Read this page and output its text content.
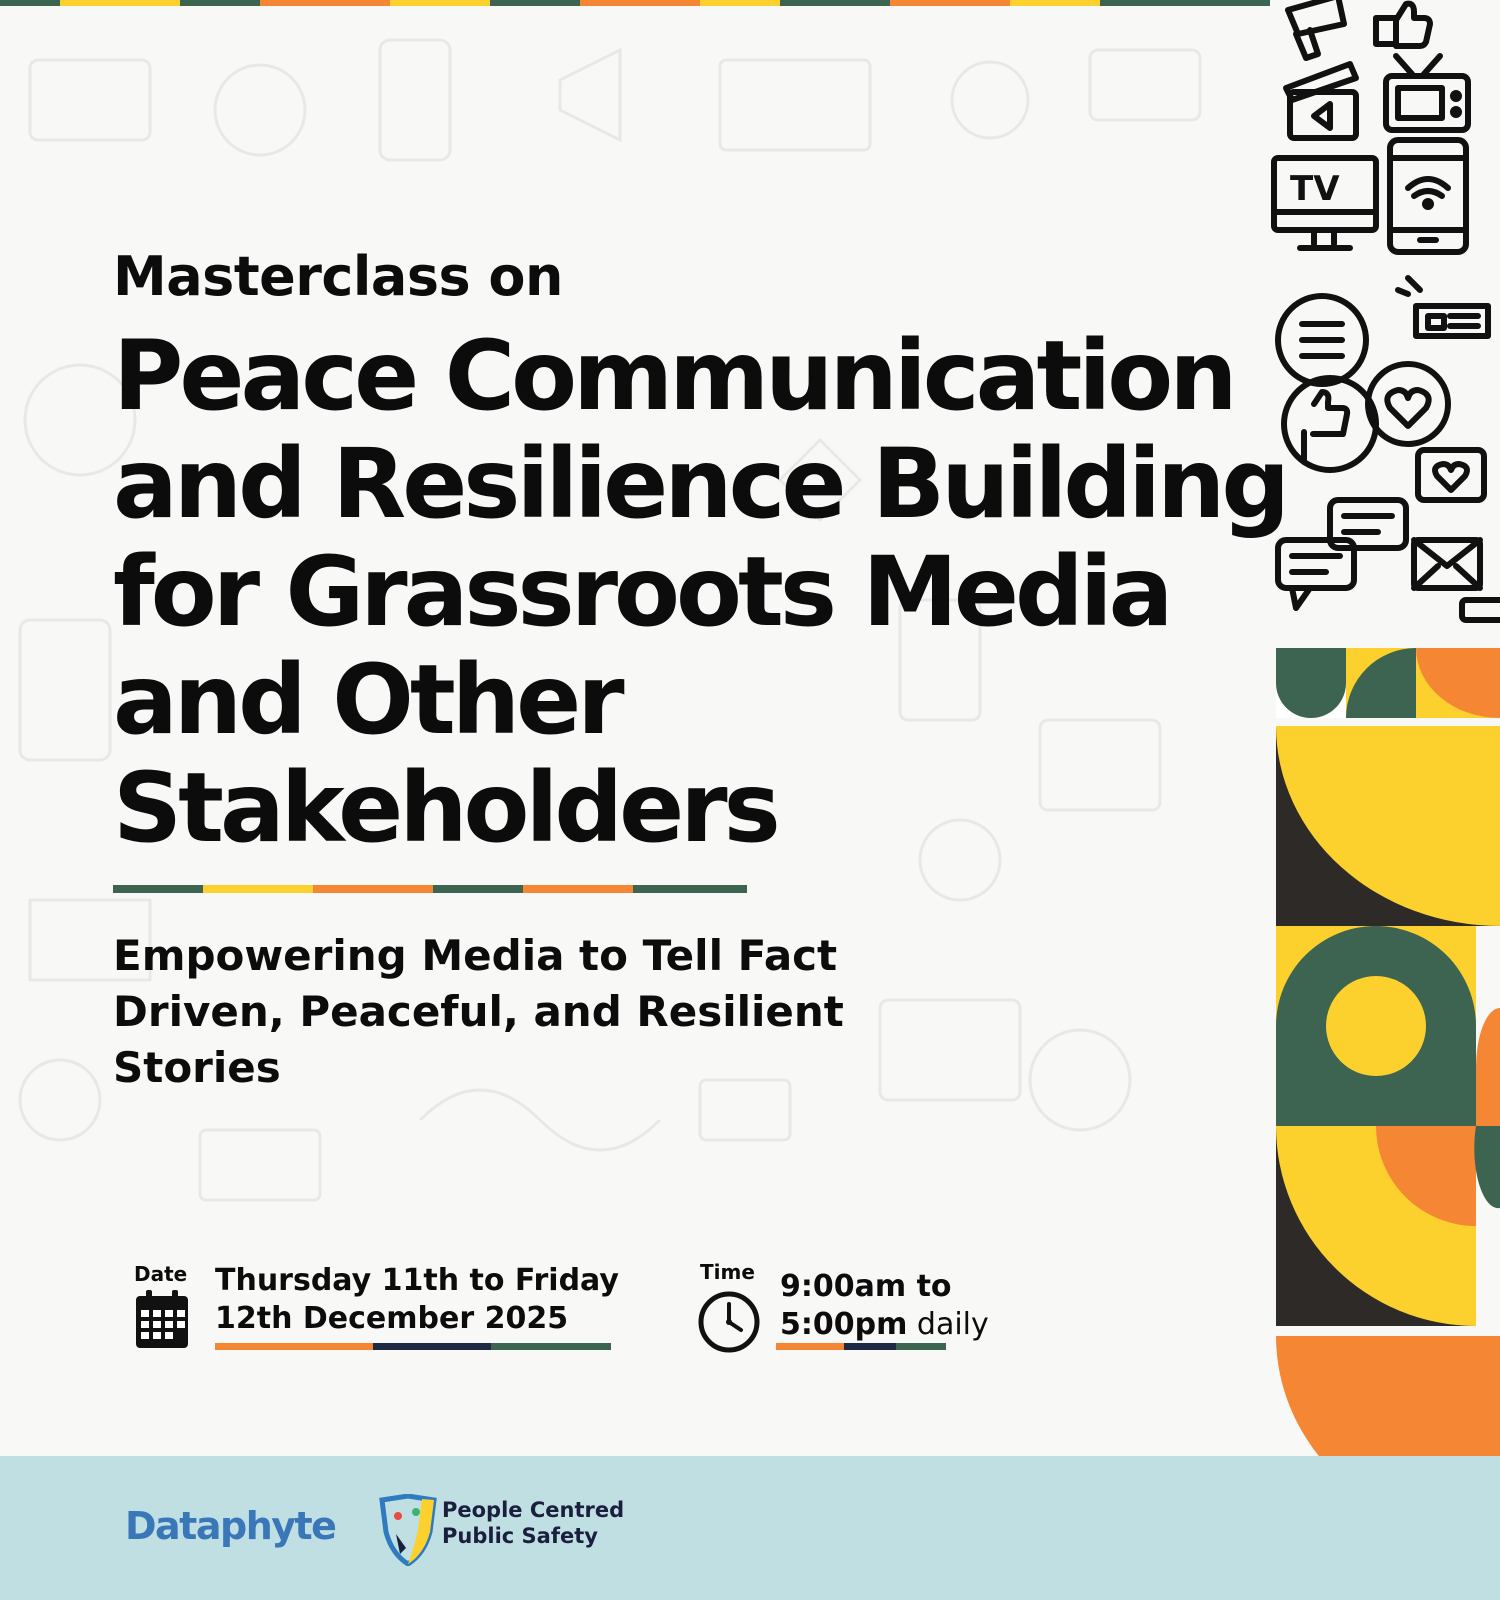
Masterclass on

Peace Communication
and Resilience Building
for Grassroots Media
and Other
Stakeholders
Empowering Media to Tell Fact
Driven, Peaceful, and Resilient
Stories
Date Thursday 11th to Friday
12th December 2025
Time 9:00am to
5:00pm daily
TV
Dataphyte	People Centred
Public Safety
